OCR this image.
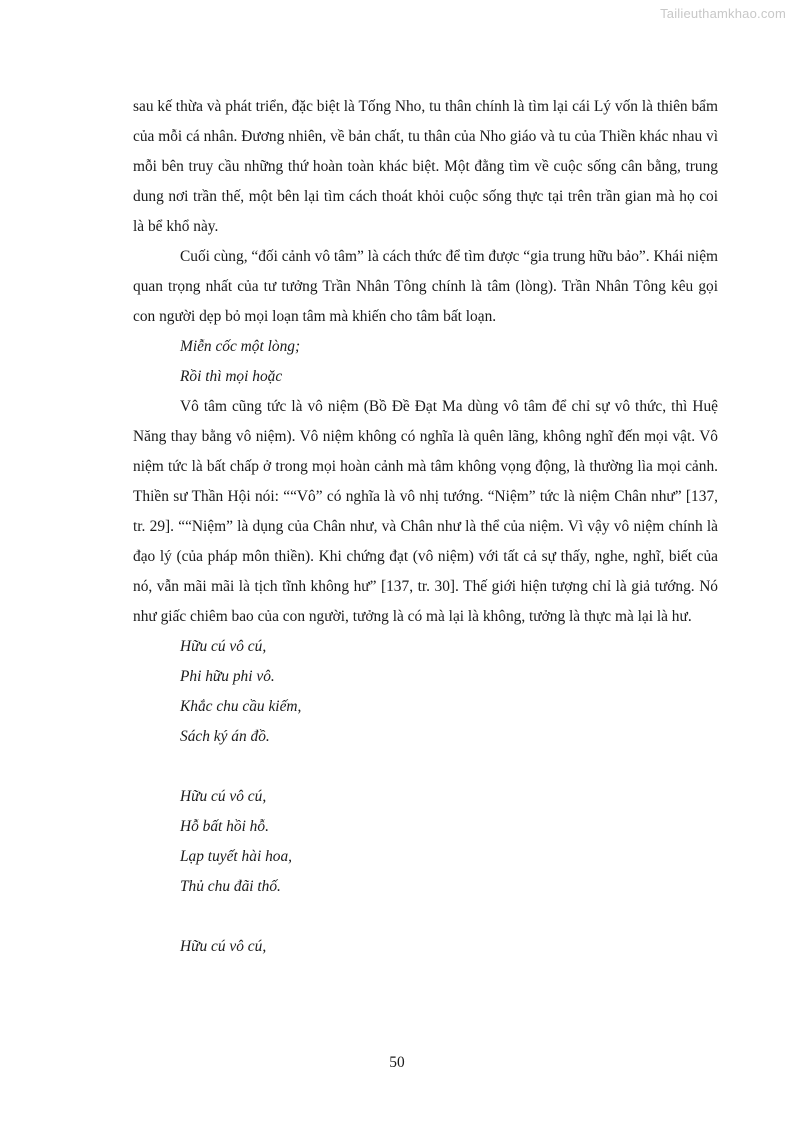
Tailieuthamkhao.com

sau kế thừa và phát triển, đặc biệt là Tống Nho, tu thân chính là tìm lại cái Lý vốn là thiên bẩm của mỗi cá nhân. Đương nhiên, về bản chất, tu thân của Nho giáo và tu của Thiền khác nhau vì mỗi bên truy cầu những thứ hoàn toàn khác biệt. Một đằng tìm về cuộc sống cân bằng, trung dung nơi trần thế, một bên lại tìm cách thoát khỏi cuộc sống thực tại trên trần gian mà họ coi là bể khổ này.

Cuối cùng, “đối cảnh vô tâm” là cách thức để tìm được “gia trung hữu bảo”. Khái niệm quan trọng nhất của tư tưởng Trần Nhân Tông chính là tâm (lòng). Trần Nhân Tông kêu gọi con người dẹp bỏ mọi loạn tâm mà khiến cho tâm bất loạn.

Miễn cốc một lòng;
Rồi thì mọi hoặc

Vô tâm cũng tức là vô niệm (Bồ Đề Đạt Ma dùng vô tâm để chỉ sự vô thức, thì Huệ Năng thay bằng vô niệm). Vô niệm không có nghĩa là quên lãng, không nghĩ đến mọi vật. Vô niệm tức là bất chấp ở trong mọi hoàn cảnh mà tâm không vọng động, là thường lìa mọi cảnh. Thiền sư Thần Hội nói: ““Vô” có nghĩa là vô nhị tướng. “Niệm” tức là niệm Chân như” [137, tr. 29]. ““Niệm” là dụng của Chân như, và Chân như là thể của niệm. Vì vậy vô niệm chính là đạo lý (của pháp môn thiền). Khi chứng đạt (vô niệm) với tất cả sự thấy, nghe, nghĩ, biết của nó, vẫn mãi mãi là tịch tĩnh không hư” [137, tr. 30]. Thế giới hiện tượng chỉ là giả tướng. Nó như giấc chiêm bao của con người, tưởng là có mà lại là không, tưởng là thực mà lại là hư.

Hữu cú vô cú,
Phi hữu phi vô.
Khắc chu cầu kiếm,
Sách ký án đồ.
Hữu cú vô cú,
Hỗ bất hồi hỗ.
Lạp tuyết hài hoa,
Thủ chu đãi thố.
Hữu cú vô cú,
50
